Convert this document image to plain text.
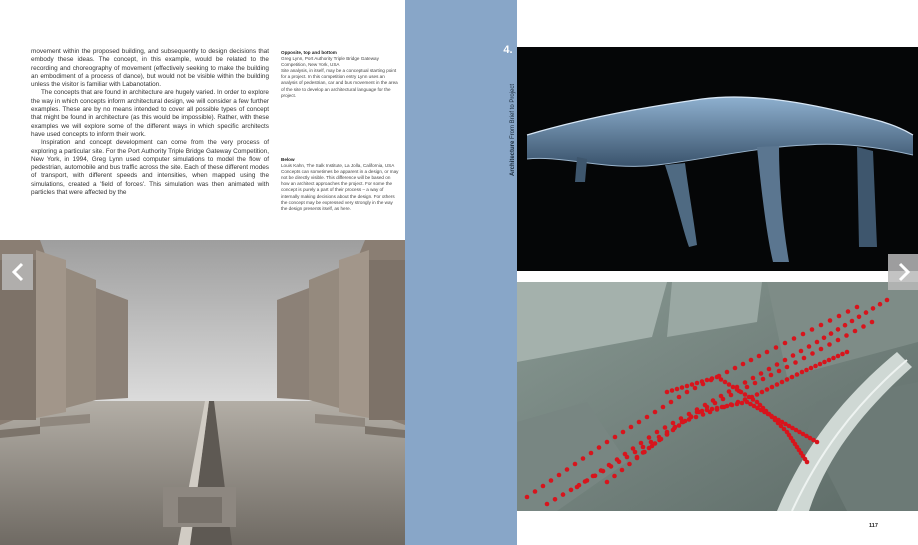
movement within the proposed building, and subsequently to design decisions that embody these ideas. The concept, in this example, would be related to the recording and choreography of movement (effectively seeking to make the building an embodiment of a process of dance), but would not be visible within the building unless the visitor is familiar with Labanotation.

The concepts that are found in architecture are hugely varied. In order to explore the way in which concepts inform architectural design, we will consider a few further examples. These are by no means intended to cover all possible types of concept that might be found in architecture (as this would be impossible). Rather, with these examples we will explore some of the different ways in which specific architects have used concepts to inform their work.

Inspiration and concept development can come from the very process of exploring a particular site. For the Port Authority Triple Bridge Gateway Competition, New York, in 1994, Greg Lynn used computer simulations to model the flow of pedestrian, automobile and bus traffic across the site. Each of these different modes of transport, with different speeds and intensities, when mapped using the simulations, created a 'field of forces'. This simulation was then animated with particles that were affected by the

Opposite, top and bottom
Greg Lynn, Port Authority Triple Bridge Gateway Competition, New York, USA
Site analysis, in itself, may be a conceptual starting point for a project. In this competition entry Lynn uses an analysis of pedestrian, car and bus movement in the area of the site to develop an architectural language for the project.
Below
Louis Kahn, The Salk Institute, La Jolla, California, USA
Concepts can sometimes be apparent in a design, or may not be directly visible. This difference will be based on how an architect approaches the project. For some the concept is purely a part of their process – a way of internally making decisions about the design. For others the concept may be expressed very strongly in the way the design presents itself, as here.
4.
Architecture From Brief to Project
117
